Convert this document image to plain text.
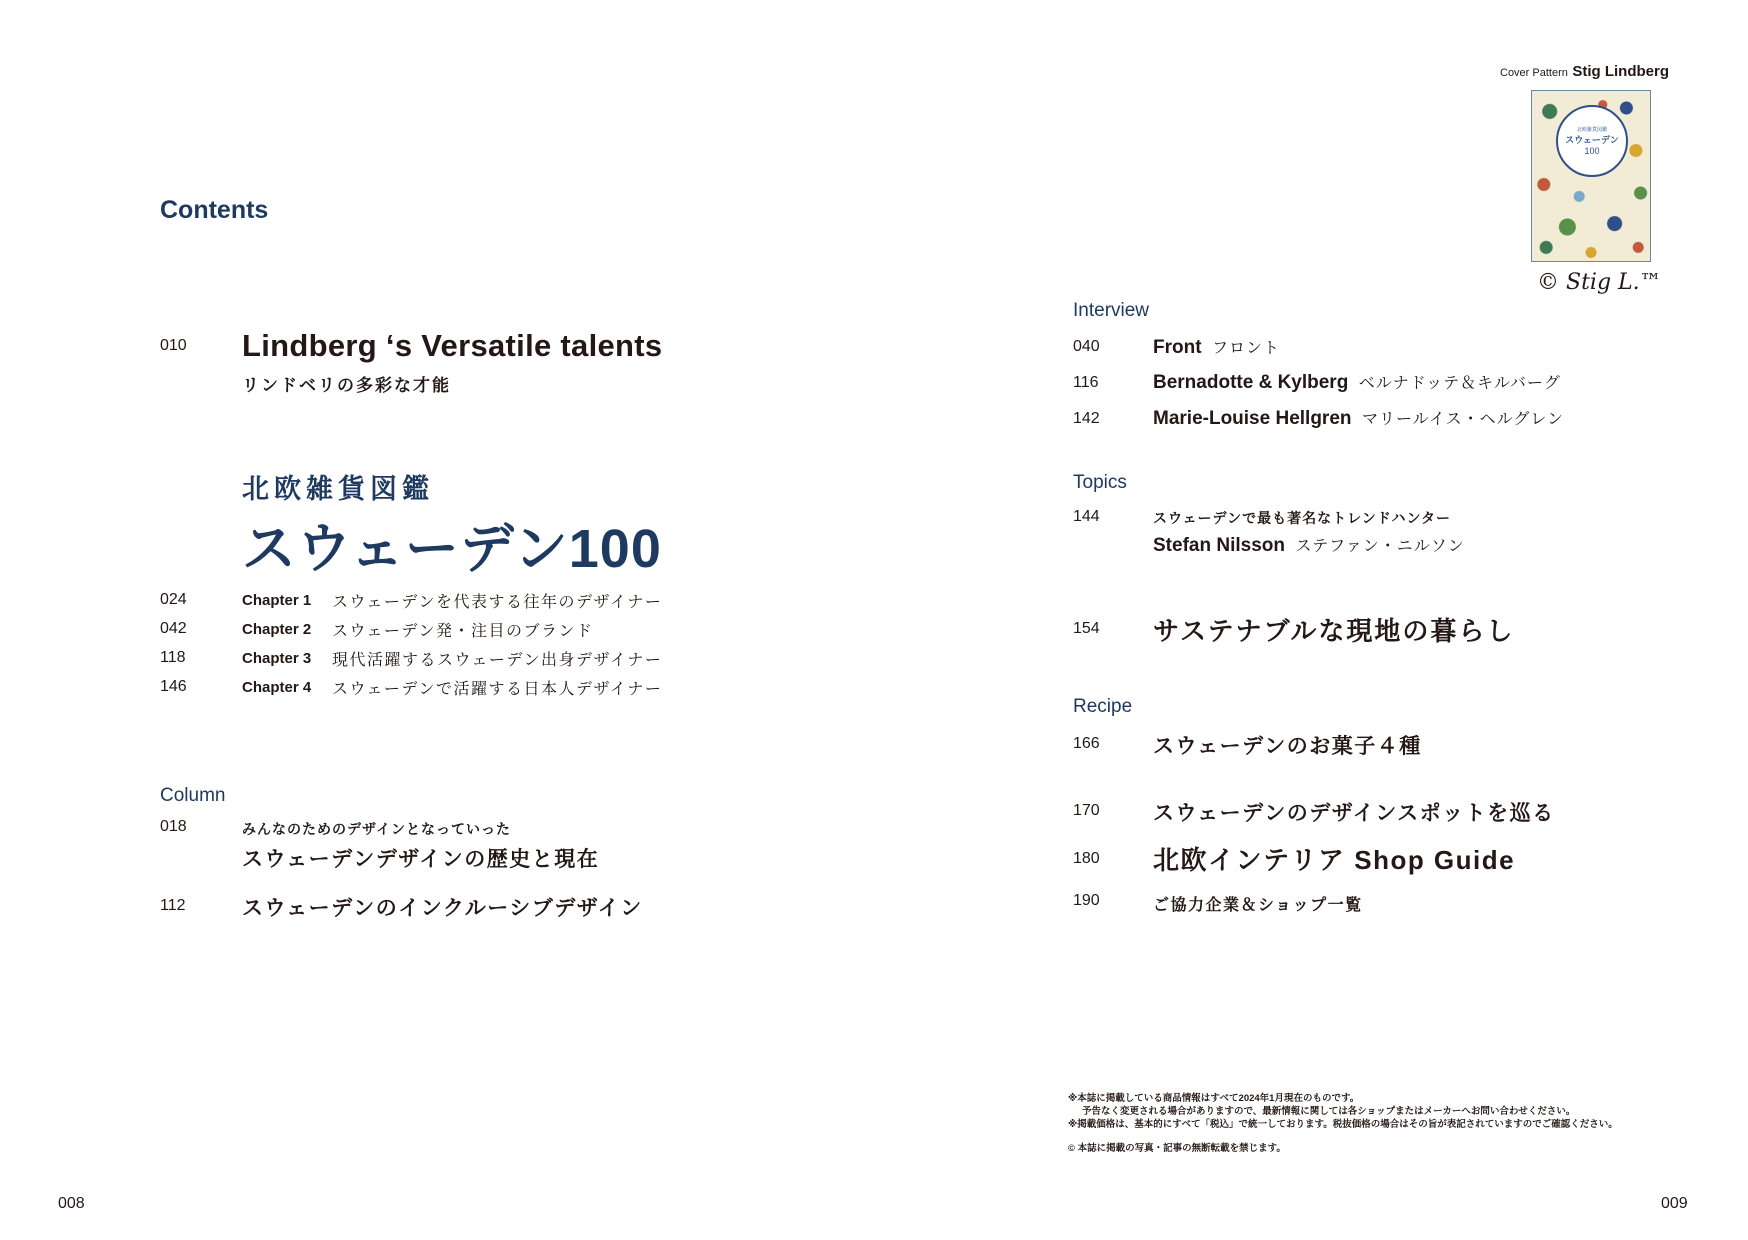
Contents
010 Lindberg ‘s Versatile talents
リンドベリの多彩な才能
北欧雑貨図鑑
スウェーデン100
024	Chapter 1	スウェーデンを代表する往年のデザイナー
042	Chapter 2	スウェーデン発・注目のブランド
118	Chapter 3	現代活躍するスウェーデン出身デザイナー
146	Chapter 4	スウェーデンで活躍する日本人デザイナー
Column
018	みんなのためのデザインとなっていった
スウェーデンデザインの歴史と現在
112	スウェーデンのインクルーシブデザイン
008
Cover Pattern Stig Lindberg
北欧雑貨図鑑
スウェーデン
100
© Stig L.™
Interview
040	Front フロント
116	Bernadotte & Kylberg ベルナドッテ＆キルバーグ
142	Marie-Louise Hellgren マリールイス・ヘルグレン
Topics
144	スウェーデンで最も著名なトレンドハンター
Stefan Nilsson ステファン・ニルソン
154 サステナブルな現地の暮らし
Recipe
166	スウェーデンのお菓子４種
170	スウェーデンのデザインスポットを巡る
180 北欧インテリア Shop Guide
190	ご協力企業＆ショップ一覧
※本誌に掲載している商品情報はすべて2024年1月現在のものです。
予告なく変更される場合がありますので、最新情報に関しては各ショップまたはメーカーへお問い合わせください。
※掲載価格は、基本的にすべて「税込」で統一しております。税抜価格の場合はその旨が表記されていますのでご確認ください。
© 本誌に掲載の写真・記事の無断転載を禁じます。
009
